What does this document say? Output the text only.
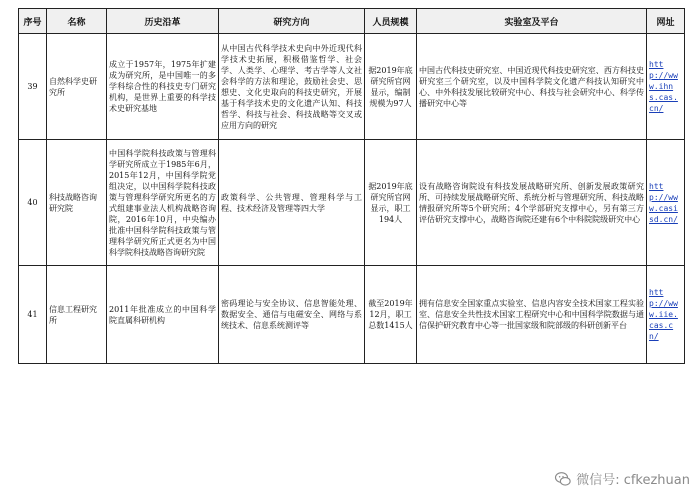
序号	名称	历史沿革	研究方向	人员规模	实验室及平台	网址
39	自然科学史研究所	成立于1957年，1975年扩建成为研究所，是中国唯一的多学科综合性的科技史专门研究机构，是世界上重要的科学技术史研究基地	从中国古代科学技术史向中外近现代科学技术史拓展，积极借鉴哲学、社会学、人类学、心理学、考古学等人文社会科学的方法和理论，鼓励社会史、思想史、文化史取向的科技史研究，开展基于科学技术史的文化遗产认知、科技哲学、科技与社会、科技战略等交叉或应用方向的研究	据2019年底研究所官网显示，编制规模为97人	中国古代科技史研究室、中国近现代科技史研究室、西方科技史研究室三个研究室，以及中国科学院文化遗产科技认知研究中心、中外科技发展比较研究中心、科技与社会研究中心、科学传播研究中心等	http://www.ihns.cas.cn/
40	科技战略咨询研究院	中国科学院科技政策与管理科学研究所成立于1985年6月，2015年12月，中国科学院党组决定，以中国科学院科技政策与管理科学研究所更名的方式组建事业法人机构战略咨询院，2016年10月，中央编办批准中国科学院科技政策与管理科学研究所正式更名为中国科学院科技战略咨询研究院	政策科学、公共管理、管理科学与工程、技术经济及管理等四大学	据2019年底研究所官网显示，职工194人	设有战略咨询院设有科技发展战略研究所、创新发展政策研究所、可持续发展战略研究所、系统分析与管理研究所、科技战略情报研究所等5个研究所；4个学部研究支撑中心，另有第三方评估研究支撑中心，战略咨询院还建有6个中科院院级研究中心	http://www.casisd.cn/
41	信息工程研究所	2011年批准成立的中国科学院直属科研机构	密码理论与安全协议、信息智能处理、数据安全、通信与电磁安全、网络与系统技术、信息系统测评等	截至2019年12月，职工总数1415人	拥有信息安全国家重点实验室、信息内容安全技术国家工程实验室、信息安全共性技术国家工程研究中心和中国科学院数据与通信保护研究教育中心等一批国家级和院部级的科研创新平台	http://www.iie.cas.cn/
微信号: cfkezhuan
